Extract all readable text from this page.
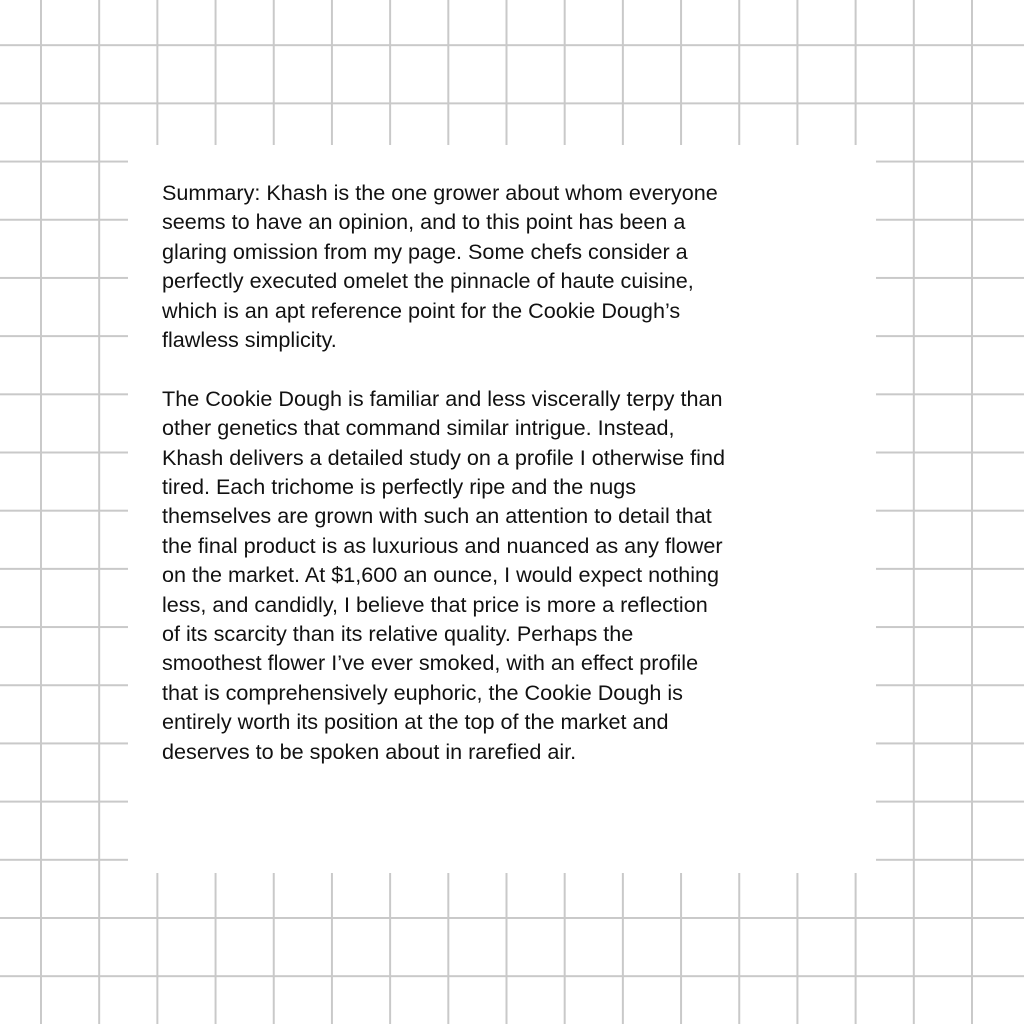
Summary: Khash is the one grower about whom everyone
seems to have an opinion, and to this point has been a
glaring omission from my page. Some chefs consider a
perfectly executed omelet the pinnacle of haute cuisine,
which is an apt reference point for the Cookie Dough’s
flawless simplicity.

The Cookie Dough is familiar and less viscerally terpy than
other genetics that command similar intrigue. Instead,
Khash delivers a detailed study on a profile I otherwise find
tired. Each trichome is perfectly ripe and the nugs
themselves are grown with such an attention to detail that
the final product is as luxurious and nuanced as any flower
on the market. At $1,600 an ounce, I would expect nothing
less, and candidly, I believe that price is more a reflection
of its scarcity than its relative quality. Perhaps the
smoothest flower I’ve ever smoked, with an effect profile
that is comprehensively euphoric, the Cookie Dough is
entirely worth its position at the top of the market and
deserves to be spoken about in rarefied air.
